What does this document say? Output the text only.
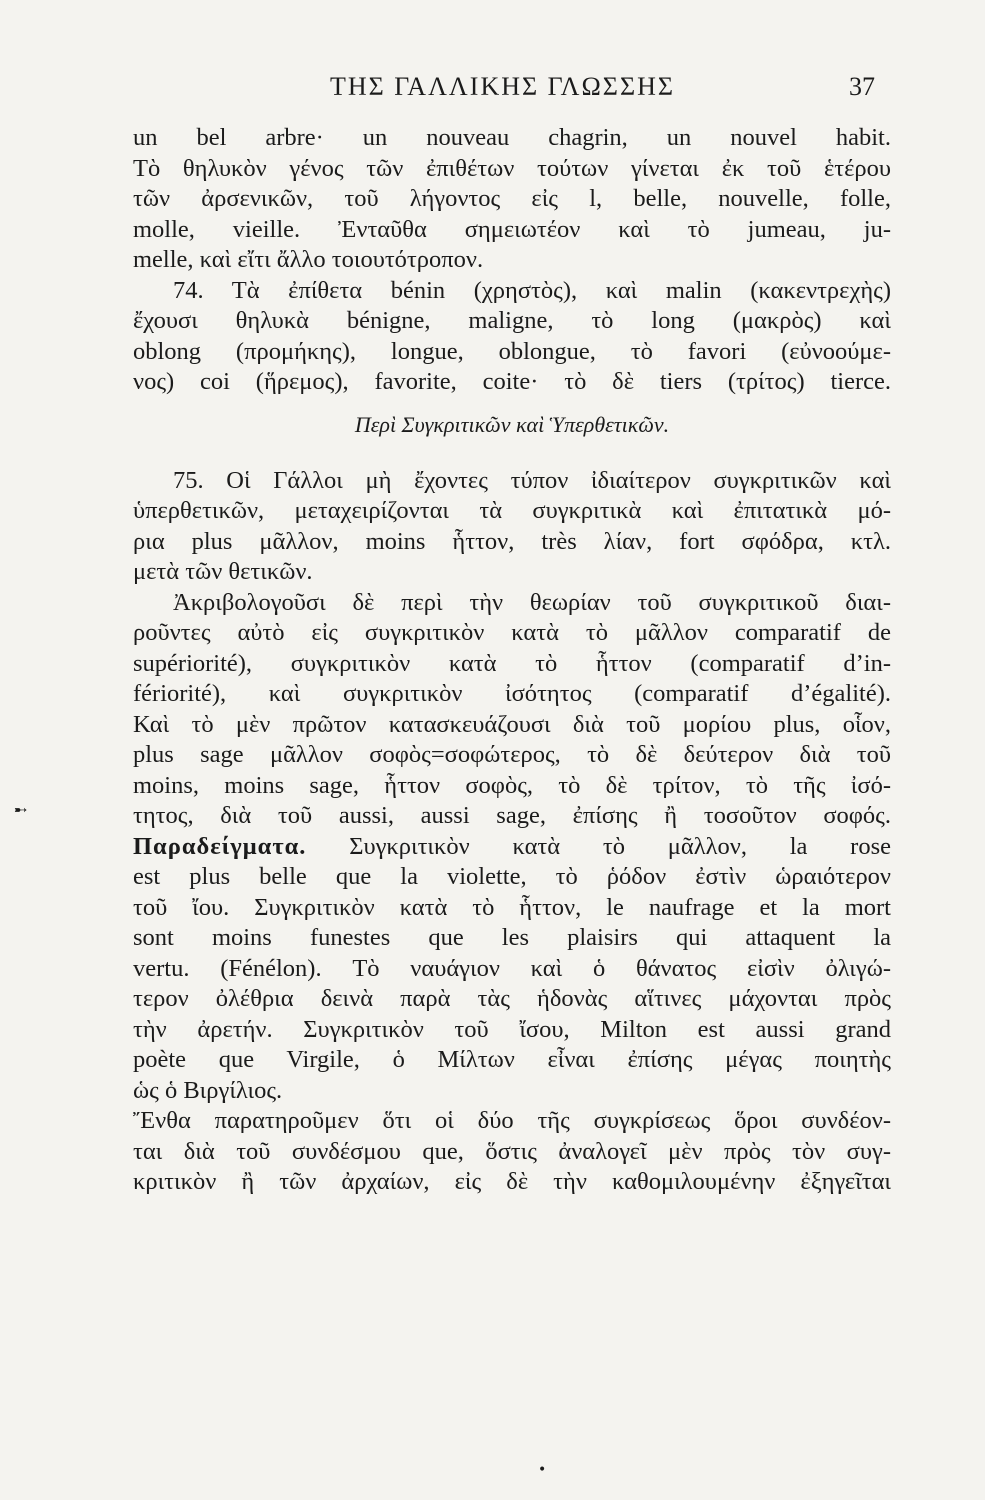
ΤΗΣ ΓΑΛΛΙΚΗΣ ΓΛΩΣΣΗΣ	37
un bel arbre· un nouveau chagrin, un nouvel habit.
Τὸ θηλυκὸν γένος τῶν ἐπιθέτων τούτων γίνεται ἐκ τοῦ ἑτέρου
τῶν ἀρσενικῶν, τοῦ λήγοντος εἰς l, belle, nouvelle, folle,
molle, vieille. Ἐνταῦθα σημειωτέον καὶ τὸ jumeau, ju-
melle, καὶ εἴτι ἄλλο τοιουτότροπον.
74. Τὰ ἐπίθετα bénin (χρηστὸς), καὶ malin (κακεντρεχὴς)
ἔχουσι θηλυκὰ bénigne, maligne, τὸ long (μακρὸς) καὶ
oblong (προμήκης), longue, oblongue, τὸ favori (εὐνοούμε-
νος) coi (ἥρεμος), favorite, coite· τὸ δὲ tiers (τρίτος) tierce.
Περὶ Συγκριτικῶν καὶ Ὑπερθετικῶν.
75. Οἱ Γάλλοι μὴ ἔχοντες τύπον ἰδιαίτερον συγκριτικῶν καὶ
ὑπερθετικῶν, μεταχειρίζονται τὰ συγκριτικὰ καὶ ἐπιτατικὰ μό-
ρια plus μᾶλλον, moins ἧττον, très λίαν, fort σφόδρα, κτλ.
μετὰ τῶν θετικῶν.
Ἀκριβολογοῦσι δὲ περὶ τὴν θεωρίαν τοῦ συγκριτικοῦ διαι-
ροῦντες αὐτὸ εἰς συγκριτικὸν κατὰ τὸ μᾶλλον comparatif de
supériorité), συγκριτικὸν κατὰ τὸ ἧττον (comparatif d’in-
fériorité), καὶ συγκριτικὸν ἰσότητος (comparatif d’égalité).
Καὶ τὸ μὲν πρῶτον κατασκευάζουσι διὰ τοῦ μορίου plus, οἷον,
plus sage μᾶλλον σοφὸς=σοφώτερος, τὸ δὲ δεύτερον διὰ τοῦ
moins, moins sage, ἧττον σοφὸς, τὸ δὲ τρίτον, τὸ τῆς ἰσό-
τητος, διὰ τοῦ aussi, aussi sage, ἐπίσης ἢ τοσοῦτον σοφός.
Παραδείγματα. Συγκριτικὸν κατὰ τὸ μᾶλλον, la rose
est plus belle que la violette, τὸ ῥόδον ἐστὶν ὡραιότερον
τοῦ ἴου. Συγκριτικὸν κατὰ τὸ ἧττον, le naufrage et la mort
sont moins funestes que les plaisirs qui attaquent la
vertu. (Fénélon). Τὸ ναυάγιον καὶ ὁ θάνατος εἰσὶν ὀλιγώ-
τερον ὀλέθρια δεινὰ παρὰ τὰς ἡδονὰς αἵτινες μάχονται πρὸς
τὴν ἀρετήν. Συγκριτικὸν τοῦ ἴσου, Milton est aussi grand
poète que Virgile, ὁ Μίλτων εἶναι ἐπίσης μέγας ποιητὴς
ὡς ὁ Βιργίλιος.
Ἔνθα παρατηροῦμεν ὅτι οἱ δύο τῆς συγκρίσεως ὅροι συνδέον-
ται διὰ τοῦ συνδέσμου que, ὅστις ἀναλογεῖ μὲν πρὸς τὸν συγ-
κριτικὸν ἢ τῶν ἀρχαίων, εἰς δὲ τὴν καθομιλουμένην ἐξηγεῖται
➸
•
